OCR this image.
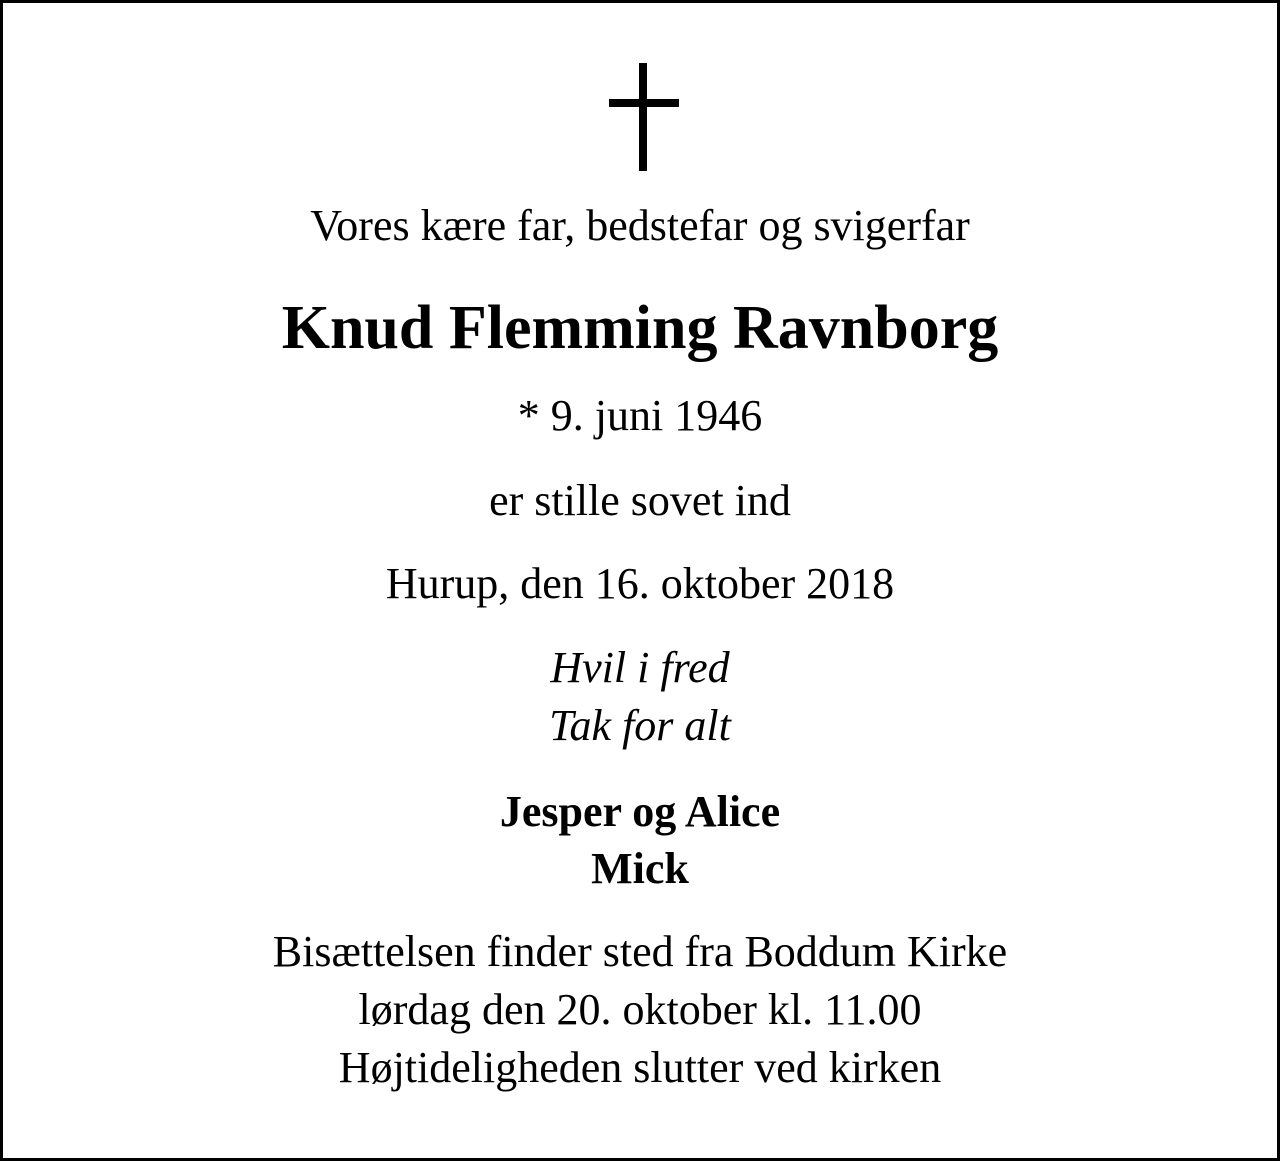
Vores kære far, bedstefar og svigerfar

Knud Flemming Ravnborg

* 9. juni 1946

er stille sovet ind

Hurup, den 16. oktober 2018

Hvil i fred

Tak for alt

Jesper og Alice

Mick

Bisættelsen finder sted fra Boddum Kirke

lørdag den 20. oktober kl. 11.00

Højtideligheden slutter ved kirken
